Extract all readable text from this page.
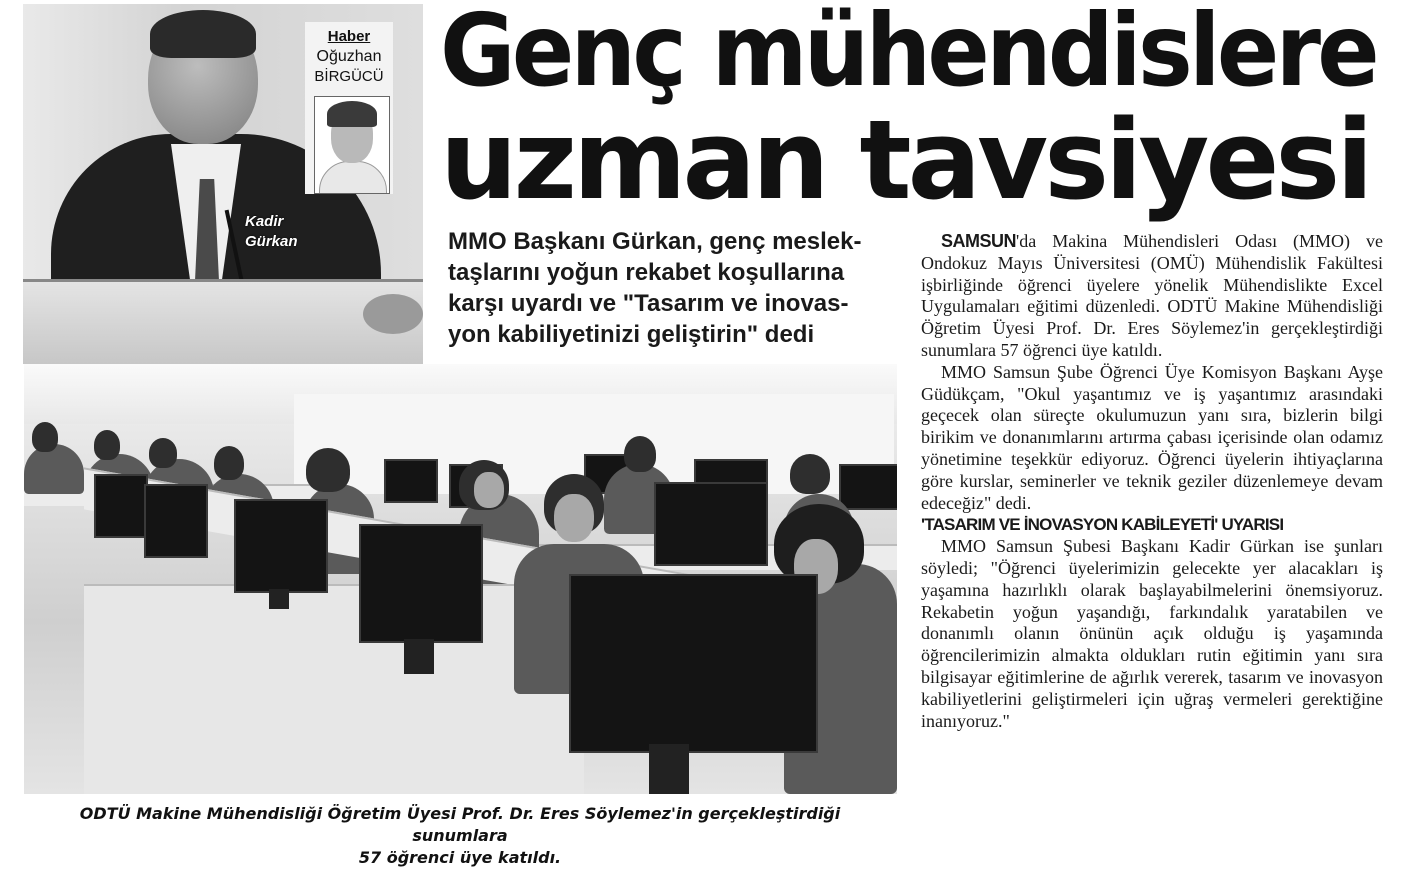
Haber
Oğuzhan
BİRGÜCÜ
Kadir
Gürkan
Genç mühendislere
uzman tavsiyesi
MMO Başkanı Gürkan, genç meslek-
taşlarını yoğun rekabet koşullarına
karşı uyardı ve "Tasarım ve inovas-
yon kabiliyetinizi geliştirin" dedi

SAMSUN'da Makina Mühendisleri Odası (MMO) ve Ondokuz Mayıs Üniversitesi (OMÜ) Mühendislik Fakültesi işbirliğinde öğrenci üyelere yönelik Mühendislikte Excel Uygulamaları eğitimi düzenledi. ODTÜ Makine Mühendisliği Öğretim Üyesi Prof. Dr. Eres Söylemez'in gerçekleştirdiği sunumlara 57 öğrenci üye katıldı.

MMO Samsun Şube Öğrenci Üye Komisyon Başkanı Ayşe Güdükçam, "Okul yaşantımız ve iş yaşantımız arasındaki geçecek olan süreçte okulumuzun yanı sıra, bizlerin bilgi birikim ve donanımlarını artırma çabası içerisinde olan odamız yönetimine teşekkür ediyoruz. Öğrenci üyelerin ihtiyaçlarına göre kurslar, seminerler ve teknik geziler düzenlemeye devam edeceğiz" dedi.

'TASARIM VE İNOVASYON KABİLEYETİ' UYARISI

MMO Samsun Şubesi Başkanı Kadir Gürkan ise şunları söyledi; "Öğrenci üyelerimizin gelecekte yer alacakları iş yaşamına hazırlıklı olarak başlayabilmelerini önemsiyoruz. Rekabetin yoğun yaşandığı, farkındalık yaratabilen ve donanımlı olanın önünün açık olduğu iş yaşamında öğrencilerimizin almakta oldukları rutin eğitimin yanı sıra bilgisayar eğitimlerine de ağırlık vererek, tasarım ve inovasyon kabiliyetlerini geliştirmeleri için uğraş vermeleri gerektiğine inanıyoruz."

ODTÜ Makine Mühendisliği Öğretim Üyesi Prof. Dr. Eres Söylemez'in gerçekleştirdiği sunumlara
57 öğrenci üye katıldı.
